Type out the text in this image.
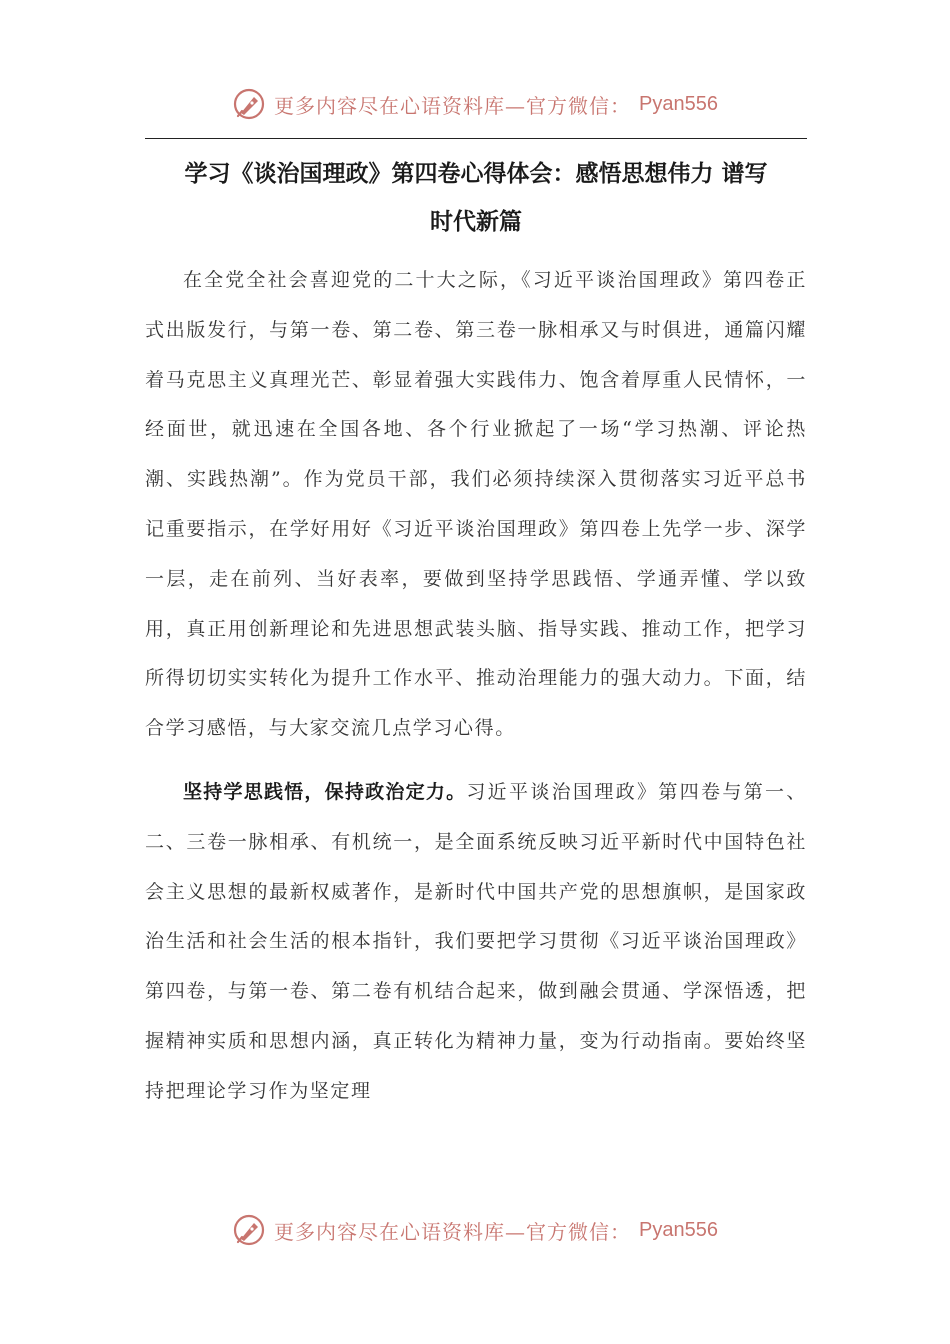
更多内容尽在心语资料库—官方微信： Pyan556
学习《谈治国理政》第四卷心得体会：感悟思想伟力 谱写
时代新篇

在全党全社会喜迎党的二十大之际，《习近平谈治国理政》第四卷正式出版发行，与第一卷、第二卷、第三卷一脉相承又与时俱进，通篇闪耀着马克思主义真理光芒、彰显着强大实践伟力、饱含着厚重人民情怀，一经面世，就迅速在全国各地、各个行业掀起了一场“学习热潮、评论热潮、实践热潮”。作为党员干部，我们必须持续深入贯彻落实习近平总书记重要指示，在学好用好《习近平谈治国理政》第四卷上先学一步、深学一层，走在前列、当好表率，要做到坚持学思践悟、学通弄懂、学以致用，真正用创新理论和先进思想武装头脑、指导实践、推动工作，把学习所得切切实实转化为提升工作水平、推动治理能力的强大动力。下面，结合学习感悟，与大家交流几点学习心得。

坚持学思践悟，保持政治定力。习近平谈治国理政》第四卷与第一、二、三卷一脉相承、有机统一，是全面系统反映习近平新时代中国特色社会主义思想的最新权威著作，是新时代中国共产党的思想旗帜，是国家政治生活和社会生活的根本指针，我们要把学习贯彻《习近平谈治国理政》第四卷，与第一卷、第二卷有机结合起来，做到融会贯通、学深悟透，把握精神实质和思想内涵，真正转化为精神力量，变为行动指南。要始终坚持把理论学习作为坚定理

更多内容尽在心语资料库—官方微信： Pyan556
